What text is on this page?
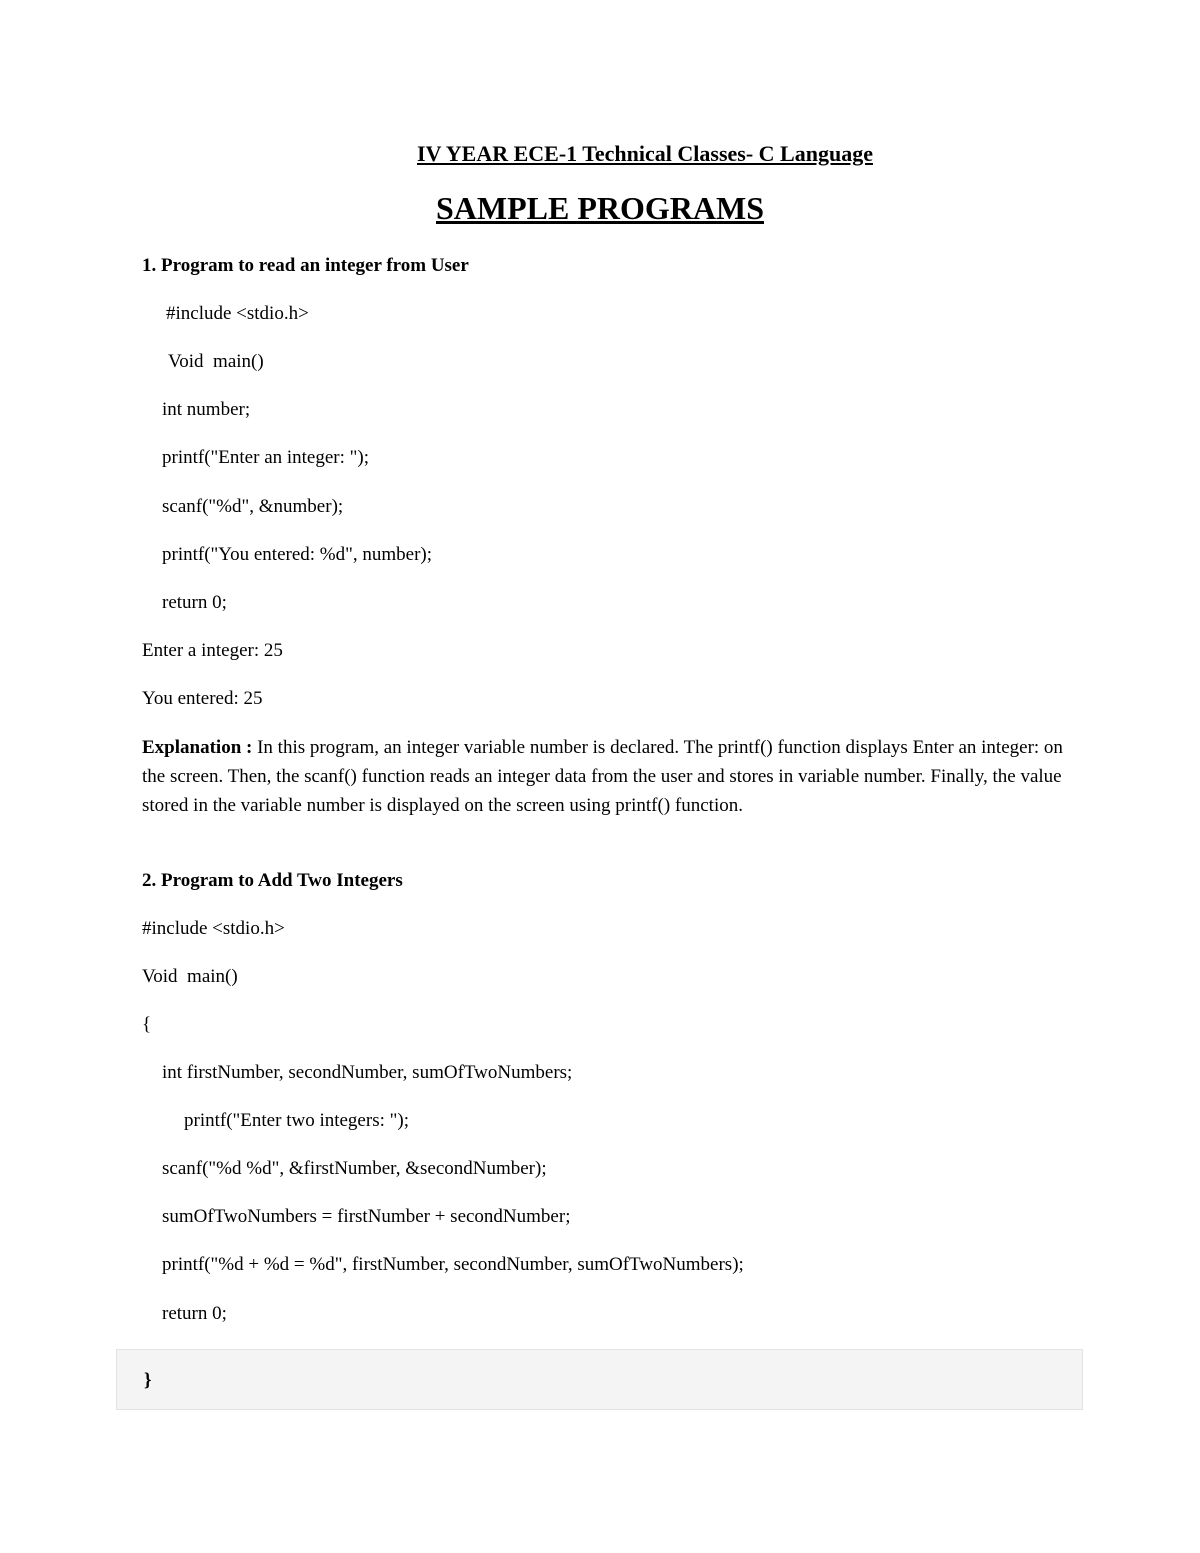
IV YEAR ECE-1 Technical Classes- C Language
SAMPLE PROGRAMS
1. Program to read an integer from User
#include <stdio.h>
Void  main()
int number;
printf("Enter an integer: ");
scanf("%d", &number);
printf("You entered: %d", number);
return 0;
Enter a integer: 25
You entered: 25
Explanation : In this program, an integer variable number is declared. The printf() function displays Enter an integer: on the screen. Then, the scanf() function reads an integer data from the user and stores in variable number. Finally, the value stored in the variable number is displayed on the screen using printf() function.
2. Program to Add Two Integers
#include <stdio.h>
Void  main()
{
int firstNumber, secondNumber, sumOfTwoNumbers;
printf("Enter two integers: ");
scanf("%d %d", &firstNumber, &secondNumber);
sumOfTwoNumbers = firstNumber + secondNumber;
printf("%d + %d = %d", firstNumber, secondNumber, sumOfTwoNumbers);
return 0;
}
